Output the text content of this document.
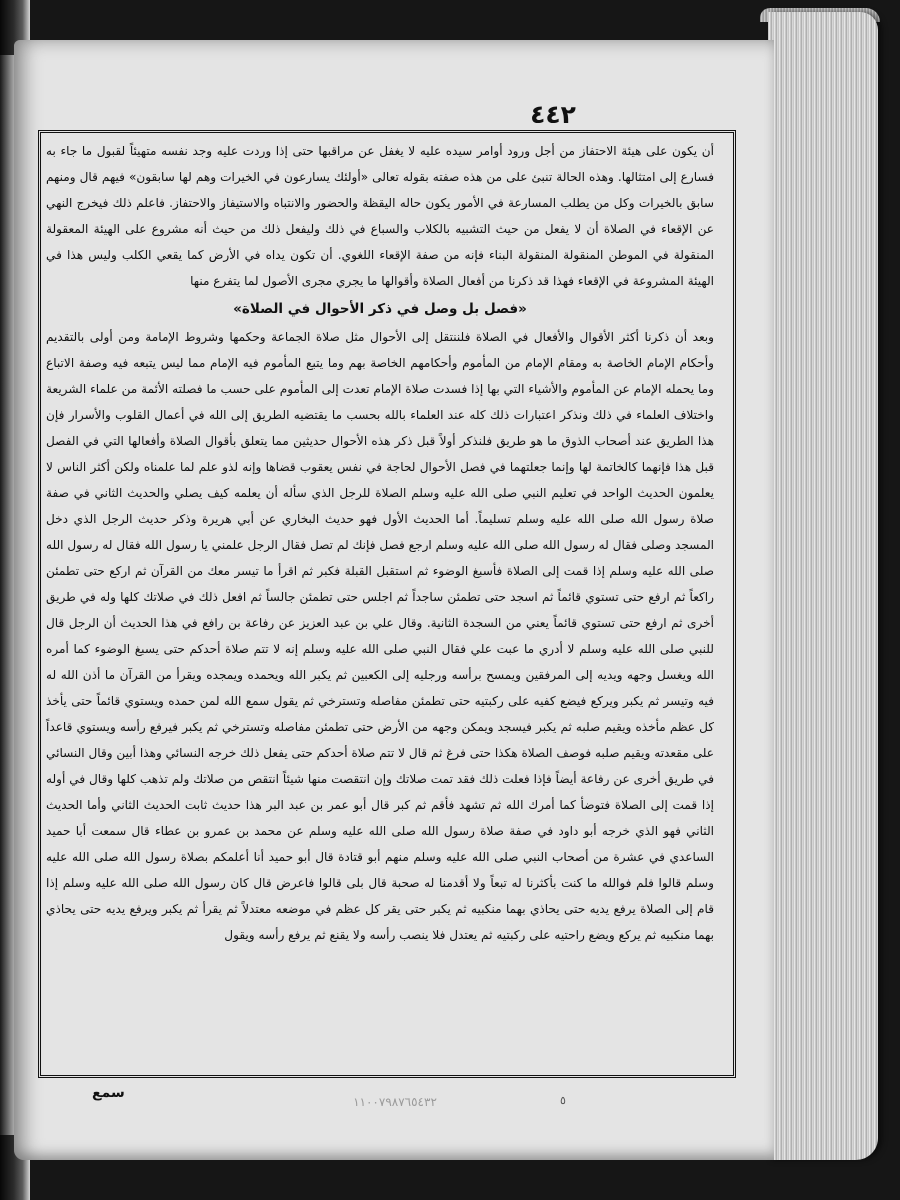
٤٤٢

أن يكون على هيئة الاحتفاز من أجل ورود أوامر سيده عليه لا يغفل عن مراقبها حتى إذا وردت عليه وجد نفسه متهيئاً لقبول ما جاء به فسارع إلى امتثالها. وهذه الحالة تنبئ على من هذه صفته بقوله تعالى «أولئك يسارعون في الخيرات وهم لها سابقون» فيهم قال ومنهم سابق بالخيرات وكل من يطلب المسارعة في الأمور يكون حاله اليقظة والحضور والانتباه والاستيفاز والاحتفاز. فاعلم ذلك فيخرج النهي عن الإقعاء في الصلاة أن لا يفعل من حيث التشبيه بالكلاب والسباع في ذلك وليفعل ذلك من حيث أنه مشروع على الهيئة المعقولة المنقولة في الموطن المنقولة المنقولة البناء فإنه من صفة الإقعاء اللغوي. أن تكون يداه في الأرض كما يقعي الكلب وليس هذا في الهيئة المشروعة في الإقعاء فهذا قد ذكرنا من أفعال الصلاة وأقوالها ما يجري مجرى الأصول لما يتفرع منها

«فصل بل وصل في ذكر الأحوال في الصلاة»

وبعد أن ذكرنا أكثر الأقوال والأفعال في الصلاة فلننتقل إلى الأحوال مثل صلاة الجماعة وحكمها وشروط الإمامة ومن أولى بالتقديم وأحكام الإمام الخاصة به ومقام الإمام من المأموم وأحكامهم الخاصة بهم وما يتبع المأموم فيه الإمام مما ليس يتبعه فيه وصفة الاتباع وما يحمله الإمام عن المأموم والأشياء التي بها إذا فسدت صلاة الإمام تعدت إلى المأموم على حسب ما فصلته الأئمة من علماء الشريعة واختلاف العلماء في ذلك ونذكر اعتبارات ذلك كله عند العلماء بالله بحسب ما يقتضيه الطريق إلى الله في أعمال القلوب والأسرار فإن هذا الطريق عند أصحاب الذوق ما هو طريق فلنذكر أولاً قبل ذكر هذه الأحوال حديثين مما يتعلق بأقوال الصلاة وأفعالها التي في الفصل قبل هذا فإنهما كالخاتمة لها وإنما جعلتهما في فصل الأحوال لحاجة في نفس يعقوب قضاها وإنه لذو علم لما علمناه ولكن أكثر الناس لا يعلمون الحديث الواحد في تعليم النبي صلى الله عليه وسلم الصلاة للرجل الذي سأله أن يعلمه كيف يصلي والحديث الثاني في صفة صلاة رسول الله صلى الله عليه وسلم تسليماً. أما الحديث الأول فهو حديث البخاري عن أبي هريرة وذكر حديث الرجل الذي دخل المسجد وصلى فقال له رسول الله صلى الله عليه وسلم ارجع فصل فإنك لم تصل فقال الرجل علمني يا رسول الله فقال له رسول الله صلى الله عليه وسلم إذا قمت إلى الصلاة فأسبغ الوضوء ثم استقبل القبلة فكبر ثم اقرأ ما تيسر معك من القرآن ثم اركع حتى تطمئن راكعاً ثم ارفع حتى تستوي قائماً ثم اسجد حتى تطمئن ساجداً ثم اجلس حتى تطمئن جالساً ثم افعل ذلك في صلاتك كلها وله في طريق أخرى ثم ارفع حتى تستوي قائماً يعني من السجدة الثانية. وقال علي بن عبد العزيز عن رفاعة بن رافع في هذا الحديث أن الرجل قال للنبي صلى الله عليه وسلم لا أدري ما عبت علي فقال النبي صلى الله عليه وسلم إنه لا تتم صلاة أحدكم حتى يسبغ الوضوء كما أمره الله ويغسل وجهه ويديه إلى المرفقين ويمسح برأسه ورجليه إلى الكعبين ثم يكبر الله ويحمده ويمجده ويقرأ من القرآن ما أذن الله له فيه وتيسر ثم يكبر ويركع فيضع كفيه على ركبتيه حتى تطمئن مفاصله وتسترخي ثم يقول سمع الله لمن حمده ويستوي قائماً حتى يأخذ كل عظم مأخذه ويقيم صلبه ثم يكبر فيسجد ويمكن وجهه من الأرض حتى تطمئن مفاصله وتسترخي ثم يكبر فيرفع رأسه ويستوي قاعداً على مقعدته ويقيم صلبه فوصف الصلاة هكذا حتى فرغ ثم قال لا تتم صلاة أحدكم حتى يفعل ذلك خرجه النسائي وهذا أبين وقال النسائي في طريق أخرى عن رفاعة أيضاً فإذا فعلت ذلك فقد تمت صلاتك وإن انتقصت منها شيئاً انتقص من صلاتك ولم تذهب كلها وقال في أوله إذا قمت إلى الصلاة فتوضأ كما أمرك الله ثم تشهد فأقم ثم كبر قال أبو عمر بن عبد البر هذا حديث ثابت الحديث الثاني وأما الحديث الثاني فهو الذي خرجه أبو داود في صفة صلاة رسول الله صلى الله عليه وسلم عن محمد بن عمرو بن عطاء قال سمعت أبا حميد الساعدي في عشرة من أصحاب النبي صلى الله عليه وسلم منهم أبو قتادة قال أبو حميد أنا أعلمكم بصلاة رسول الله صلى الله عليه وسلم قالوا فلم فوالله ما كنت بأكثرنا له تبعاً ولا أقدمنا له صحبة قال بلى قالوا فاعرض قال كان رسول الله صلى الله عليه وسلم إذا قام إلى الصلاة يرفع يديه حتى يحاذي بهما منكبيه ثم يكبر حتى يقر كل عظم في موضعه معتدلاً ثم يقرأ ثم يكبر ويرفع يديه حتى يحاذي بهما منكبيه ثم يركع ويضع راحتيه على ركبتيه ثم يعتدل فلا ينصب رأسه ولا يقنع ثم يرفع رأسه ويقول

سمع

١١٠٠٧٩٨٧٦٥٤٣٢	٥
